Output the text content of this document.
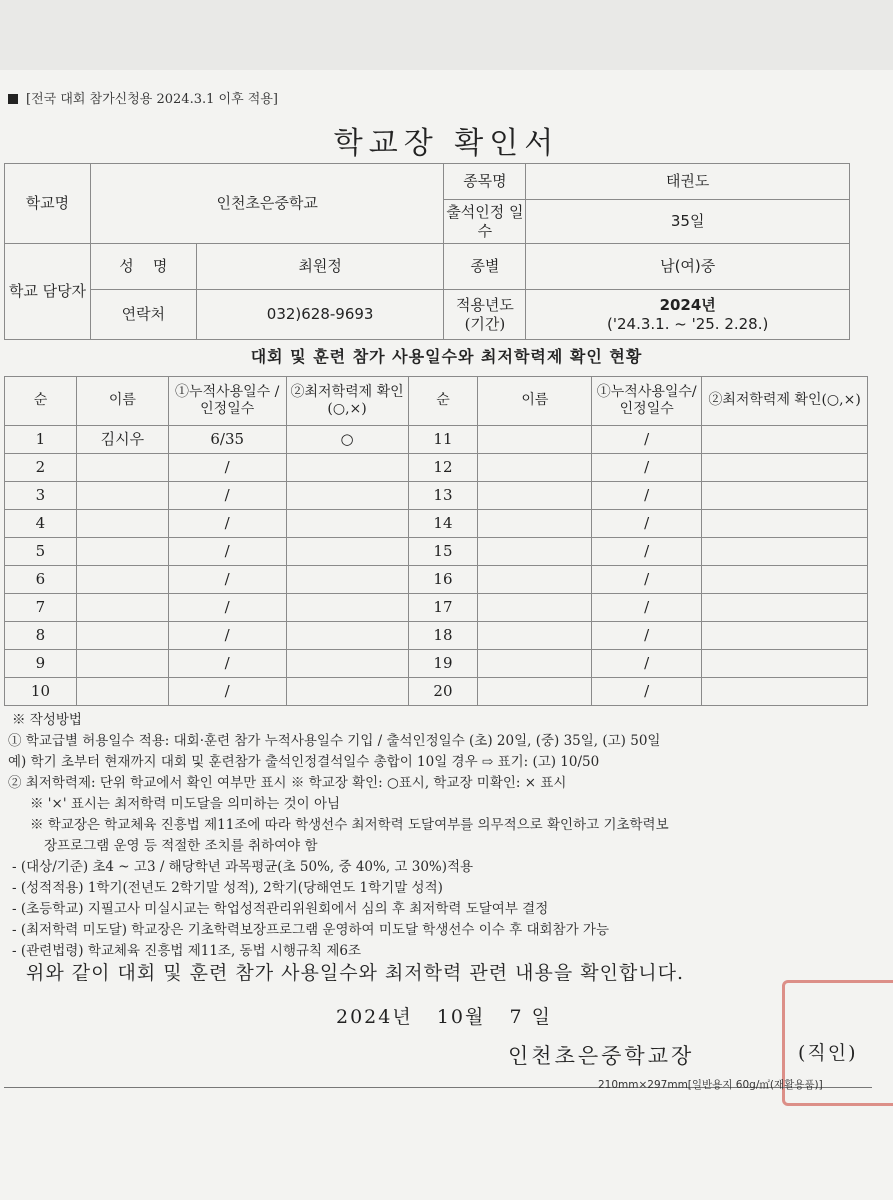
[전국 대회 참가신청용 2024.3.1 이후 적용]
학교장 확인서
학교명	인천초은중학교		종목명	태권도
			출석인정 일수	35일
학교 담당자	성    명	최원정	종별	남(여)중
	연락처	032)628-9693	적용년도 (기간)	2024년
('24.3.1. ~ '25. 2.28.)
대회 및 훈련 참가 사용일수와 최저학력제 확인 현황
순	이름	①누적사용일수 /인정일수	②최저학력제 확인(○,×)	순	이름	①누적사용일수/ 인정일수	②최저학력제 확인(○,×)
1	김시우	6/35	○	11		/	
2		/		12		/	
3		/		13		/	
4		/		14		/	
5		/		15		/	
6		/		16		/	
7		/		17		/	
8		/		18		/	
9		/		19		/	
10		/		20		/	
※ 작성방법
① 학교급별 허용일수 적용: 대회·훈련 참가 누적사용일수 기입 / 출석인정일수 (초) 20일, (중) 35일, (고) 50일
예) 학기 초부터 현재까지 대회 및 훈련참가 출석인정결석일수 총합이 10일 경우 ⇨ 표기: (고) 10/50
② 최저학력제: 단위 학교에서 확인 여부만 표시 ※ 학교장 확인: ○표시, 학교장 미확인: × 표시
※ '×' 표시는 최저학력 미도달을 의미하는 것이 아님
※ 학교장은 학교체육 진흥법 제11조에 따라 학생선수 최저학력 도달여부를 의무적으로 확인하고 기초학력보
장프로그램 운영 등 적절한 조치를 취하여야 함
- (대상/기준) 초4 ~ 고3 / 해당학년 과목평균(초 50%, 중 40%, 고 30%)적용
- (성적적용) 1학기(전년도 2학기말 성적), 2학기(당해연도 1학기말 성적)
- (초등학교) 지필고사 미실시교는 학업성적관리위원회에서 심의 후 최저학력 도달여부 결정
- (최저학력 미도달) 학교장은 기초학력보장프로그램 운영하여 미도달 학생선수 이수 후 대회참가 가능
- (관련법령) 학교체육 진흥법 제11조, 동법 시행규칙 제6조
위와 같이 대회 및 훈련 참가 사용일수와 최저학력 관련 내용을 확인합니다.
2024년   10월   7 일
인천초은중학교장	(직인)
210mm×297mm[일반용지 60g/㎡(재활용품)]
